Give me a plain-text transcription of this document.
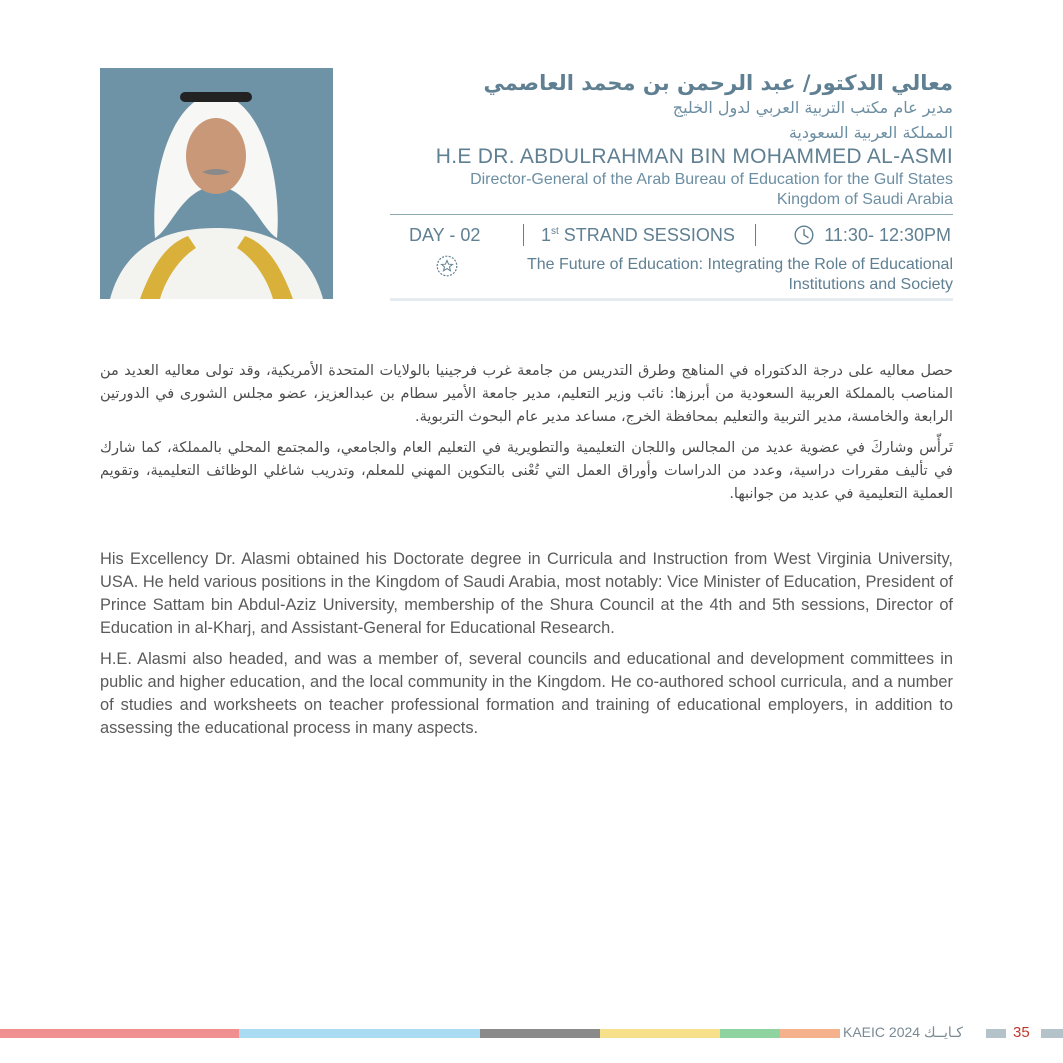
معالي الدكتور/ عبد الرحمن بن محمد العاصمي
مدير عام مكتب التربية العربي لدول الخليج
المملكة العربية السعودية
H.E DR. ABDULRAHMAN BIN MOHAMMED AL-ASMI
Director-General of the Arab Bureau of Education for the Gulf States
Kingdom of Saudi Arabia
DAY - 02	1st STRAND SESSIONS	11:30- 12:30PM
The Future of Education: Integrating the Role of Educational
Institutions and Society

حصل معاليه على درجة الدكتوراه في المناهج وطرق التدريس من جامعة غرب فرجينيا بالولايات المتحدة الأمريكية، وقد تولى معاليه العديد من المناصب بالمملكة العربية السعودية من أبرزها: نائب وزير التعليم، مدير جامعة الأمير سطام بن عبدالعزيز، عضو مجلس الشورى في الدورتين الرابعة والخامسة، مدير التربية والتعليم بمحافظة الخرج، مساعد مدير عام البحوث التربوية.

تَرأّس وشاركَ في عضوية عديد من المجالس واللجان التعليمية والتطويرية في التعليم العام والجامعي، والمجتمع المحلي بالمملكة، كما شارك في تأليف مقررات دراسية، وعدد من الدراسات وأوراق العمل التي تُعْنى بالتكوين المهني للمعلم، وتدريب شاغلي الوظائف التعليمية، وتقويم العملية التعليمية في عديد من جوانبها.

His Excellency Dr. Alasmi obtained his Doctorate degree in Curricula and Instruction from West Virginia University, USA. He held various positions in the Kingdom of Saudi Arabia, most notably: Vice Minister of Education, President of Prince Sattam bin Abdul-Aziz University, membership of the Shura Council at the 4th and 5th sessions, Director of Education in al-Kharj, and Assistant-General for Educational Research.

H.E. Alasmi also headed, and was a member of, several councils and educational and development committees in public and higher education, and the local community in the Kingdom. He co-authored school curricula, and a number of studies and worksheets on teacher professional formation and training of educational employers, in addition to assessing the educational process in many aspects.

KAEIC 2024 كـايــك	35
